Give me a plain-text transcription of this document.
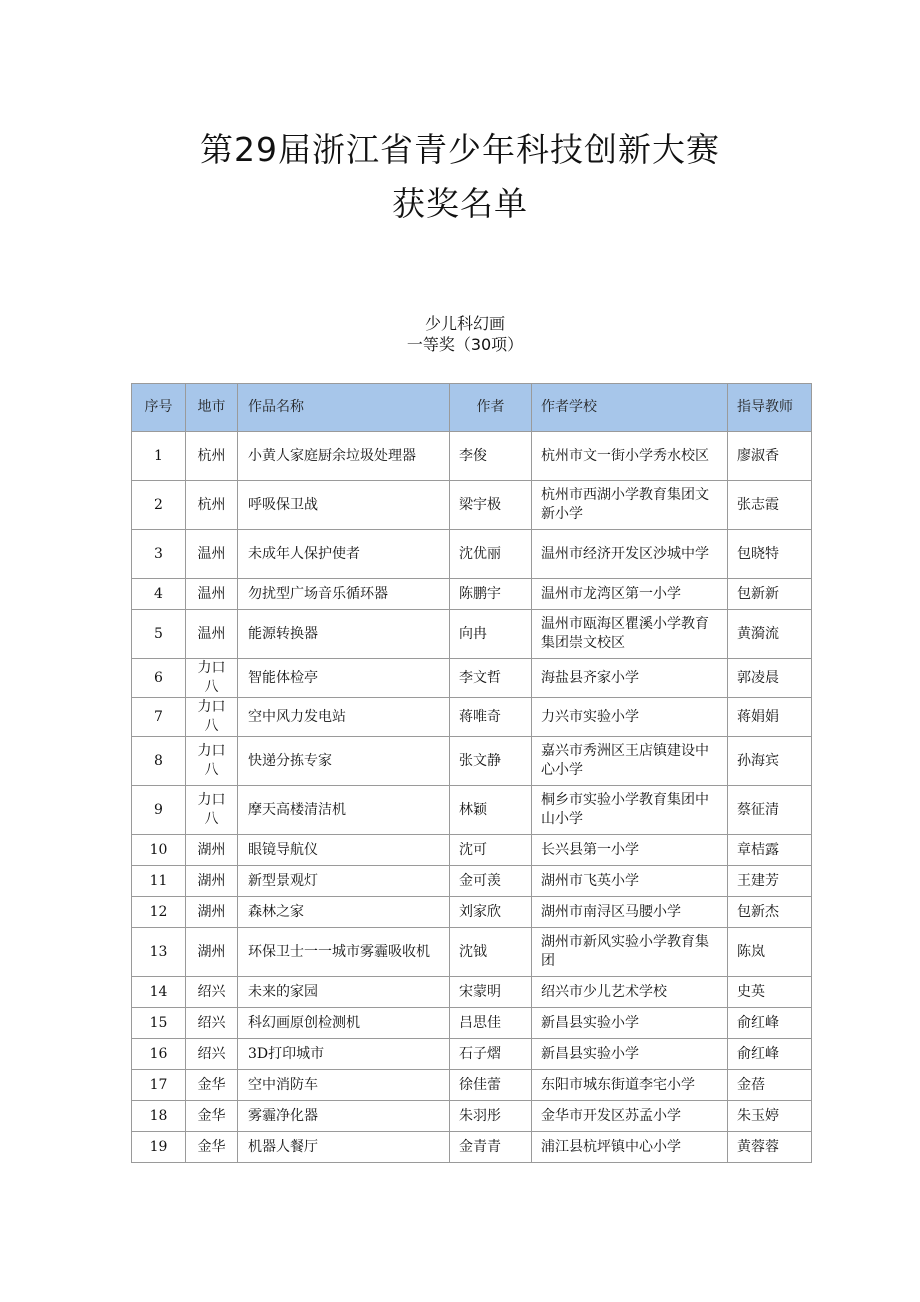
第29届浙江省青少年科技创新大赛
获奖名单
少儿科幻画
一等奖（30项）
序号	地市	作品名称	作者	作者学校	指导教师
1	杭州	小黄人家庭厨余垃圾处理器	李俊	杭州市文一街小学秀水校区	廖淑香
2	杭州	呼吸保卫战	梁宇极	杭州市西湖小学教育集团文新小学	张志霞
3	温州	未成年人保护使者	沈优丽	温州市经济开发区沙城中学	包晓特
4	温州	勿扰型广场音乐循环器	陈鹏宇	温州市龙湾区第一小学	包新新
5	温州	能源转换器	向冉	温州市瓯海区瞿溪小学教育集团崇文校区	黄漪流
6	力口八	智能体检亭	李文哲	海盐县齐家小学	郭凌晨
7	力口八	空中风力发电站	蒋唯奇	力兴市实验小学	蒋娟娟
8	力口八	快递分拣专家	张文静	嘉兴市秀洲区王店镇建设中心小学	孙海宾
9	力口八	摩天高楼清洁机	林颖	桐乡市实验小学教育集团中山小学	蔡征清
10	湖州	眼镜导航仪	沈可	长兴县第一小学	章桔露
11	湖州	新型景观灯	金可羡	湖州市飞英小学	王建芳
12	湖州	森林之家	刘家欣	湖州市南浔区马腰小学	包新杰
13	湖州	环保卫士一一城市雾霾吸收机	沈钺	湖州市新风实验小学教育集团	陈岚
14	绍兴	未来的家园	宋蒙明	绍兴市少儿艺术学校	史英
15	绍兴	科幻画原创检测机	吕思佳	新昌县实验小学	俞红峰
16	绍兴	3D打印城市	石子熠	新昌县实验小学	俞红峰
17	金华	空中消防车	徐佳蕾	东阳市城东街道李宅小学	金蓓
18	金华	雾霾净化器	朱羽彤	金华市开发区苏孟小学	朱玉婷
19	金华	机器人餐厅	金青青	浦江县杭坪镇中心小学	黄蓉蓉
